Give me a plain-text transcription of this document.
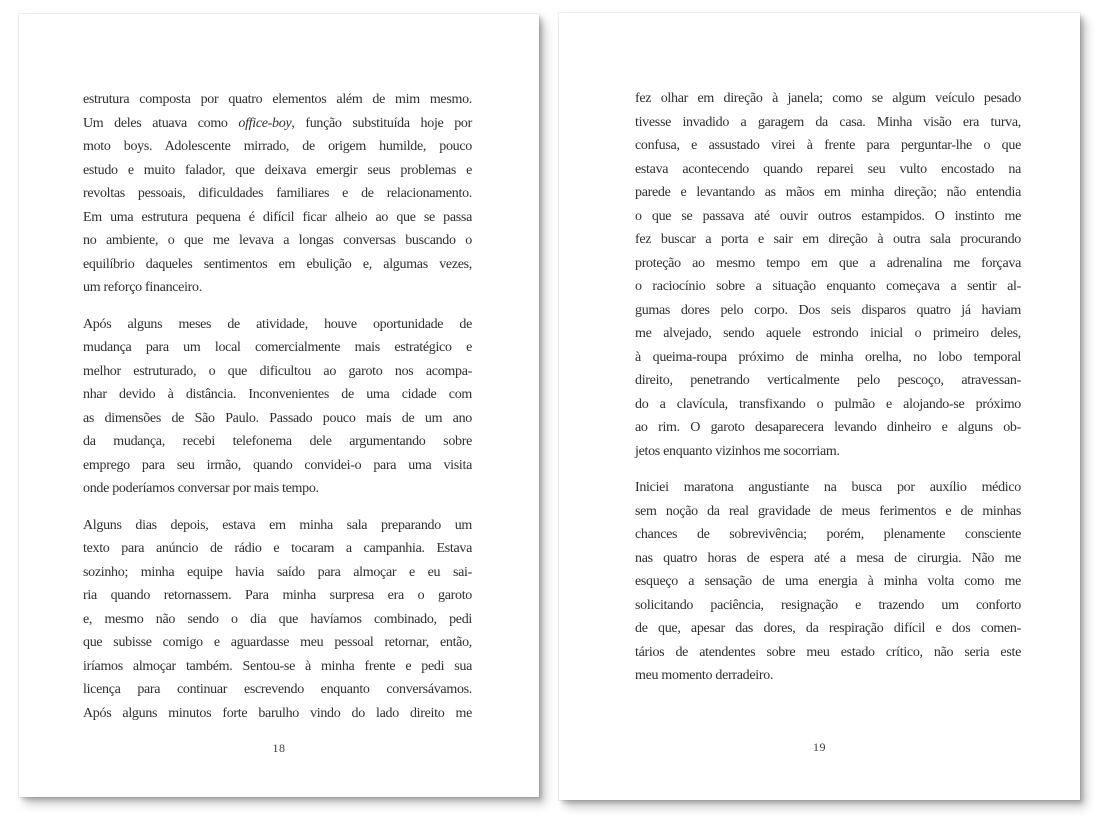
estrutura composta por quatro elementos além de mim mesmo.
Um deles atuava como office-boy, função substituída hoje por
moto boys. Adolescente mirrado, de origem humilde, pouco
estudo e muito falador, que deixava emergir seus problemas e
revoltas pessoais, dificuldades familiares e de relacionamento.
Em uma estrutura pequena é difícil ficar alheio ao que se passa
no ambiente, o que me levava a longas conversas buscando o
equilíbrio daqueles sentimentos em ebulição e, algumas vezes,
um reforço financeiro.
Após alguns meses de atividade, houve oportunidade de
mudança para um local comercialmente mais estratégico e
melhor estruturado, o que dificultou ao garoto nos acompa-
nhar devido à distância. Inconvenientes de uma cidade com
as dimensões de São Paulo. Passado pouco mais de um ano
da mudança, recebi telefonema dele argumentando sobre
emprego para seu irmão, quando convidei-o para uma visita
onde poderíamos conversar por mais tempo.
Alguns dias depois, estava em minha sala preparando um
texto para anúncio de rádio e tocaram a campanhia. Estava
sozinho; minha equipe havia saído para almoçar e eu sai-
ria quando retornassem. Para minha surpresa era o garoto
e, mesmo não sendo o dia que havíamos combinado, pedi
que subisse comigo e aguardasse meu pessoal retornar, então,
iríamos almoçar também. Sentou-se à minha frente e pedi sua
licença para continuar escrevendo enquanto conversávamos.
Após alguns minutos forte barulho vindo do lado direito me
18
fez olhar em direção à janela; como se algum veículo pesado
tivesse invadido a garagem da casa. Minha visão era turva,
confusa, e assustado virei à frente para perguntar-lhe o que
estava acontecendo quando reparei seu vulto encostado na
parede e levantando as mãos em minha direção; não entendia
o que se passava até ouvir outros estampidos. O instinto me
fez buscar a porta e sair em direção à outra sala procurando
proteção ao mesmo tempo em que a adrenalina me forçava
o raciocínio sobre a situação enquanto começava a sentir al-
gumas dores pelo corpo. Dos seis disparos quatro já haviam
me alvejado, sendo aquele estrondo inicial o primeiro deles,
à queima-roupa próximo de minha orelha, no lobo temporal
direito, penetrando verticalmente pelo pescoço, atravessan-
do a clavícula, transfixando o pulmão e alojando-se próximo
ao rim. O garoto desaparecera levando dinheiro e alguns ob-
jetos enquanto vizinhos me socorriam.
Iniciei maratona angustiante na busca por auxílio médico
sem noção da real gravidade de meus ferimentos e de minhas
chances de sobrevivência; porém, plenamente consciente
nas quatro horas de espera até a mesa de cirurgia. Não me
esqueço a sensação de uma energia à minha volta como me
solicitando paciência, resignação e trazendo um conforto
de que, apesar das dores, da respiração difícil e dos comen-
tários de atendentes sobre meu estado crítico, não seria este
meu momento derradeiro.
19
